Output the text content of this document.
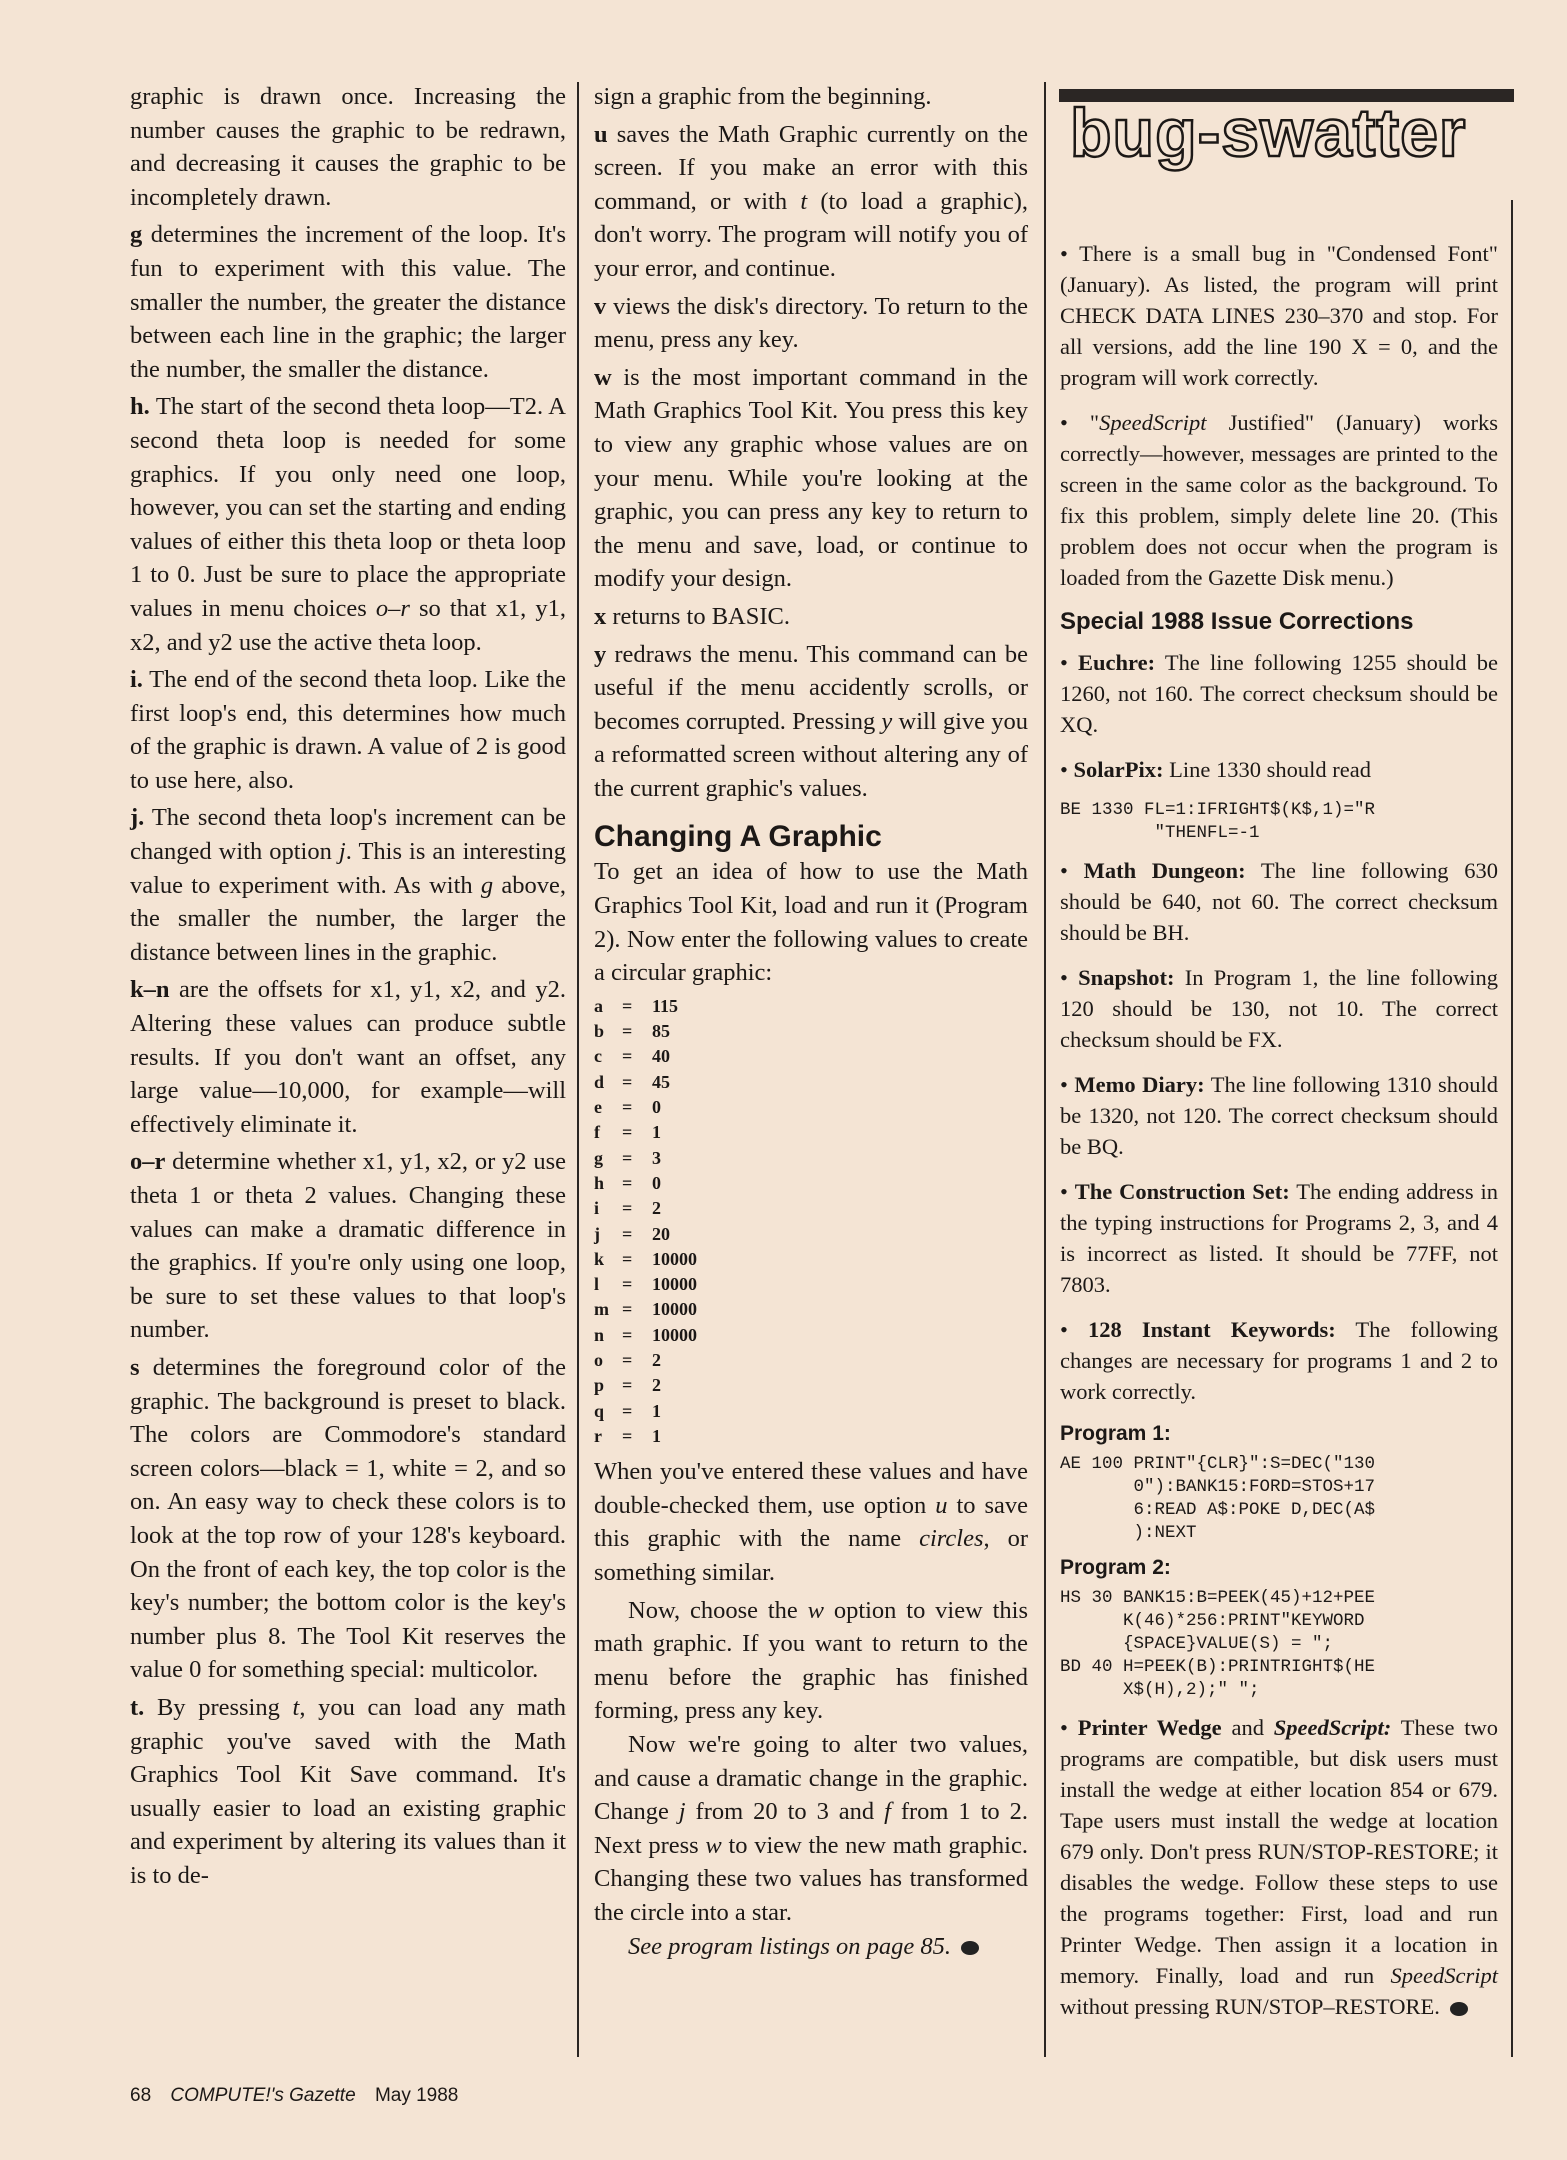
bug-swatter

graphic is drawn once. Increasing the number causes the graphic to be redrawn, and decreasing it causes the graphic to be incompletely drawn.

g determines the increment of the loop. It's fun to experiment with this value. The smaller the number, the greater the distance between each line in the graphic; the larger the number, the smaller the distance.

h. The start of the second theta loop—T2. A second theta loop is needed for some graphics. If you only need one loop, however, you can set the starting and ending values of either this theta loop or theta loop 1 to 0. Just be sure to place the appropriate values in menu choices o–r so that x1, y1, x2, and y2 use the active theta loop.

i. The end of the second theta loop. Like the first loop's end, this determines how much of the graphic is drawn. A value of 2 is good to use here, also.

j. The second theta loop's increment can be changed with option j. This is an interesting value to experiment with. As with g above, the smaller the number, the larger the distance between lines in the graphic.

k–n are the offsets for x1, y1, x2, and y2. Altering these values can produce subtle results. If you don't want an offset, any large value—10,000, for example—will effectively eliminate it.

o–r determine whether x1, y1, x2, or y2 use theta 1 or theta 2 values. Changing these values can make a dramatic difference in the graphics. If you're only using one loop, be sure to set these values to that loop's number.

s determines the foreground color of the graphic. The background is preset to black. The colors are Commodore's standard screen colors—black = 1, white = 2, and so on. An easy way to check these colors is to look at the top row of your 128's keyboard. On the front of each key, the top color is the key's number; the bottom color is the key's number plus 8. The Tool Kit reserves the value 0 for something special: multicolor.

t. By pressing t, you can load any math graphic you've saved with the Math Graphics Tool Kit Save command. It's usually easier to load an existing graphic and experiment by altering its values than it is to de-

sign a graphic from the beginning.

u saves the Math Graphic currently on the screen. If you make an error with this command, or with t (to load a graphic), don't worry. The program will notify you of your error, and continue.

v views the disk's directory. To return to the menu, press any key.

w is the most important command in the Math Graphics Tool Kit. You press this key to view any graphic whose values are on your menu. While you're looking at the graphic, you can press any key to return to the menu and save, load, or continue to modify your design.

x returns to BASIC.

y redraws the menu. This command can be useful if the menu accidently scrolls, or becomes corrupted. Pressing y will give you a reformatted screen without altering any of the current graphic's values.

Changing A Graphic

To get an idea of how to use the Math Graphics Tool Kit, load and run it (Program 2). Now enter the following values to create a circular graphic:

a	=	115
b =	85
c	=	40
d =	45
e	=	0
f	=	1
g	=	3
h =	0
i	=	2
j	=	20
k =	10000
l	=	10000
m =	10000
n =	10000
o	=	2
p =	2
q =	1
r	=	1

When you've entered these values and have double-checked them, use option u to save this graphic with the name circles, or something similar.

Now, choose the w option to view this math graphic. If you want to return to the menu before the graphic has finished forming, press any key.

Now we're going to alter two values, and cause a dramatic change in the graphic. Change j from 20 to 3 and f from 1 to 2. Next press w to view the new math graphic. Changing these two values has transformed the circle into a star.

See program listings on page 85.

• There is a small bug in "Condensed Font" (January). As listed, the program will print CHECK DATA LINES 230–370 and stop. For all versions, add the line 190 X = 0, and the program will work correctly.

• "SpeedScript Justified" (January) works correctly—however, messages are printed to the screen in the same color as the background. To fix this problem, simply delete line 20. (This problem does not occur when the program is loaded from the Gazette Disk menu.)

Special 1988 Issue Corrections

• Euchre: The line following 1255 should be 1260, not 160. The correct checksum should be XQ.

• SolarPix: Line 1330 should read

BE 1330 FL=1:IFRIGHT$(K$,1)="R
"THENFL=-1

• Math Dungeon: The line following 630 should be 640, not 60. The correct checksum should be BH.

• Snapshot: In Program 1, the line following 120 should be 130, not 10. The correct checksum should be FX.

• Memo Diary: The line following 1310 should be 1320, not 120. The correct checksum should be BQ.

• The Construction Set: The ending address in the typing instructions for Programs 2, 3, and 4 is incorrect as listed. It should be 77FF, not 7803.

• 128 Instant Keywords: The following changes are necessary for programs 1 and 2 to work correctly.

Program 1:
AE 100 PRINT"{CLR}":S=DEC("130
0"):BANK15:FORD=STOS+17
6:READ A$:POKE D,DEC(A$
):NEXT
Program 2:
HS 30 BANK15:B=PEEK(45)+12+PEE
K(46)*256:PRINT"KEYWORD
{SPACE}VALUE(S) = ";
BD 40 H=PEEK(B):PRINTRIGHT$(HE
X$(H),2);" ";

• Printer Wedge and SpeedScript: These two programs are compatible, but disk users must install the wedge at either location 854 or 679. Tape users must install the wedge at location 679 only. Don't press RUN/STOP-RESTORE; it disables the wedge. Follow these steps to use the programs together: First, load and run Printer Wedge. Then assign it a location in memory. Finally, load and run SpeedScript without pressing RUN/STOP–RESTORE.

68 COMPUTE!'s Gazette May 1988
